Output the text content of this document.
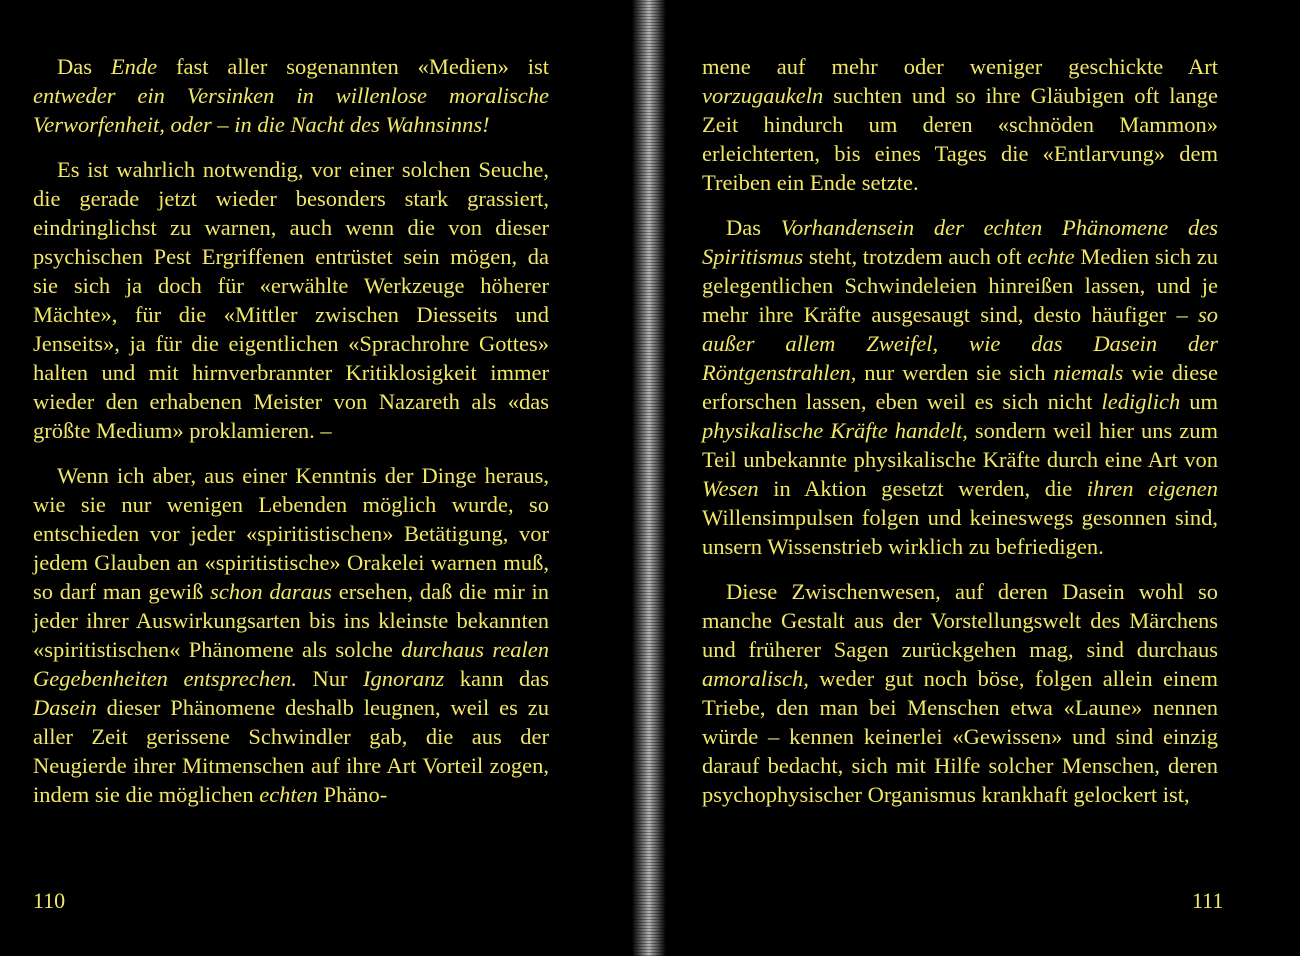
Das Ende fast aller sogenannten «Medien» ist entweder ein Versinken in willenlose moralische Verworfenheit, oder – in die Nacht des Wahnsinns!

Es ist wahrlich notwendig, vor einer solchen Seuche, die gerade jetzt wieder besonders stark grassiert, eindringlichst zu warnen, auch wenn die von dieser psychischen Pest Ergriffenen entrüstet sein mögen, da sie sich ja doch für «erwählte Werkzeuge höherer Mächte», für die «Mittler zwischen Diesseits und Jenseits», ja für die eigentlichen «Sprachrohre Gottes» halten und mit hirnverbrannter Kritiklosigkeit immer wieder den erhabenen Meister von Nazareth als «das größte Medium» proklamieren. –

Wenn ich aber, aus einer Kenntnis der Dinge heraus, wie sie nur wenigen Lebenden möglich wurde, so entschieden vor jeder «spiritistischen» Betätigung, vor jedem Glauben an «spiritistische» Orakelei warnen muß, so darf man gewiß schon daraus ersehen, daß die mir in jeder ihrer Auswirkungsarten bis ins kleinste bekannten «spiritistischen« Phänomene als solche durchaus realen Gegebenheiten entsprechen. Nur Ignoranz kann das Dasein dieser Phänomene deshalb leugnen, weil es zu aller Zeit gerissene Schwindler gab, die aus der Neugierde ihrer Mitmenschen auf ihre Art Vorteil zogen, indem sie die möglichen echten Phäno-

mene auf mehr oder weniger geschickte Art vorzugaukeln suchten und so ihre Gläubigen oft lange Zeit hindurch um deren «schnöden Mammon» erleichterten, bis eines Tages die «Entlarvung» dem Treiben ein Ende setzte.

Das Vorhandensein der echten Phänomene des Spiritismus steht, trotzdem auch oft echte Medien sich zu gelegentlichen Schwindeleien hinreißen lassen, und je mehr ihre Kräfte ausgesaugt sind, desto häufiger – so außer allem Zweifel, wie das Dasein der Röntgenstrahlen, nur werden sie sich niemals wie diese erforschen lassen, eben weil es sich nicht lediglich um physikalische Kräfte handelt, sondern weil hier uns zum Teil unbekannte physikalische Kräfte durch eine Art von Wesen in Aktion gesetzt werden, die ihren eigenen Willensimpulsen folgen und keineswegs gesonnen sind, unsern Wissenstrieb wirklich zu befriedigen.

Diese Zwischenwesen, auf deren Dasein wohl so manche Gestalt aus der Vorstellungswelt des Märchens und früherer Sagen zurückgehen mag, sind durchaus amoralisch, weder gut noch böse, folgen allein einem Triebe, den man bei Menschen etwa «Laune» nennen würde – kennen keinerlei «Gewissen» und sind einzig darauf bedacht, sich mit Hilfe solcher Menschen, deren psychophysischer Organismus krankhaft gelockert ist,

110	111
